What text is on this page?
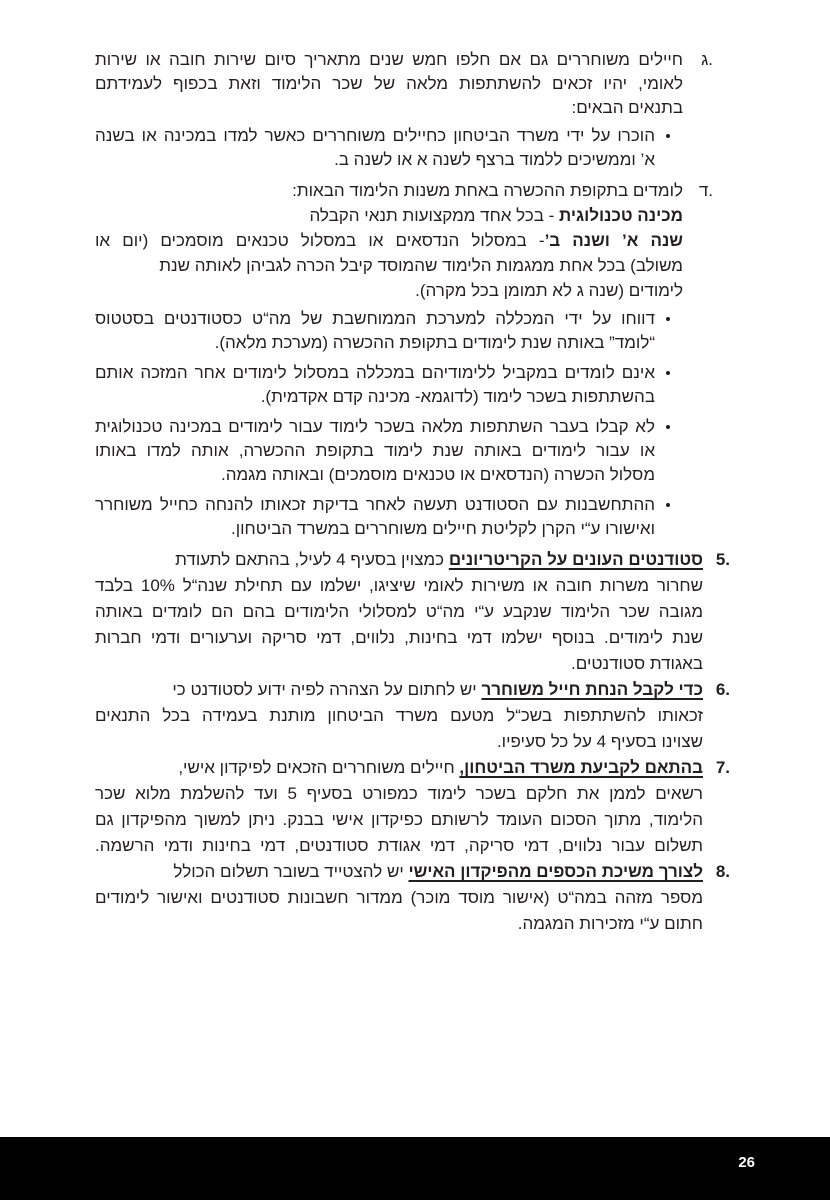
ג.
חיילים משוחררים גם אם חלפו חמש שנים מתאריך סיום שירות חובה או שירות
לאומי, יהיו זכאים להשתתפות מלאה של שכר הלימוד וזאת בכפוף לעמידתם
בתנאים הבאים:
הוכרו על ידי משרד הביטחון כחיילים משוחררים כאשר למדו במכינה או בשנה
א’ וממשיכים ללמוד ברצף לשנה א או לשנה ב.
ד.
לומדים בתקופת ההכשרה באחת משנות הלימוד הבאות:
מכינה טכנולוגית - בכל אחד ממקצועות תנאי הקבלה
שנה א’ ושנה ב’- במסלול הנדסאים או במסלול טכנאים מוסמכים (יום או
משולב) בכל אחת ממגמות הלימוד שהמוסד קיבל הכרה לגביהן לאותה שנת
לימודים (שנה ג לא תמומן בכל מקרה).
דווחו על ידי המכללה למערכת הממוחשבת של מה“ט כסטודנטים בסטטוס
“לומד” באותה שנת לימודים בתקופת ההכשרה (מערכת מלאה).
אינם לומדים במקביל ללימודיהם במכללה במסלול לימודים אחר המזכה אותם
בהשתתפות בשכר לימוד (לדוגמא- מכינה קדם אקדמית).
לא קבלו בעבר השתתפות מלאה בשכר לימוד עבור לימודים במכינה טכנולוגית
או עבור לימודים באותה שנת לימוד בתקופת ההכשרה, אותה למדו באותו
מסלול הכשרה (הנדסאים או טכנאים מוסמכים) ובאותה מגמה.
ההתחשבנות עם הסטודנט תעשה לאחר בדיקת זכאותו להנחה כחייל משוחרר
ואישורו ע“י הקרן לקליטת חיילים משוחררים במשרד הביטחון.
5.
סטודנטים העונים על הקריטריונים כמצוין בסעיף 4 לעיל, בהתאם לתעודת
שחרור משרות חובה או משירות לאומי שיציגו, ישלמו עם תחילת שנה“ל 10% בלבד
מגובה שכר הלימוד שנקבע ע“י מה“ט למסלולי הלימודים בהם הם לומדים באותה
שנת לימודים. בנוסף ישלמו דמי בחינות, נלווים, דמי סריקה וערעורים ודמי חברות
באגודת סטודנטים.
6.
כדי לקבל הנחת חייל משוחרר יש לחתום על הצהרה לפיה ידוע לסטודנט כי
זכאותו להשתתפות בשכ“ל מטעם משרד הביטחון מותנת בעמידה בכל התנאים
שצוינו בסעיף 4 על כל סעיפיו.
7.
בהתאם לקביעת משרד הביטחון, חיילים משוחררים הזכאים לפיקדון אישי,
רשאים לממן את חלקם בשכר לימוד כמפורט בסעיף 5 ועד להשלמת מלוא שכר
הלימוד, מתוך הסכום העומד לרשותם כפיקדון אישי בבנק. ניתן למשוך מהפיקדון גם
תשלום עבור נלווים, דמי סריקה, דמי אגודת סטודנטים, דמי בחינות ודמי הרשמה.
8.
לצורך משיכת הכספים מהפיקדון האישי יש להצטייד בשובר תשלום הכולל
מספר מזהה במה“ט (אישור מוסד מוכר) ממדור חשבונות סטודנטים ואישור לימודים
חתום ע“י מזכירות המגמה.
26
